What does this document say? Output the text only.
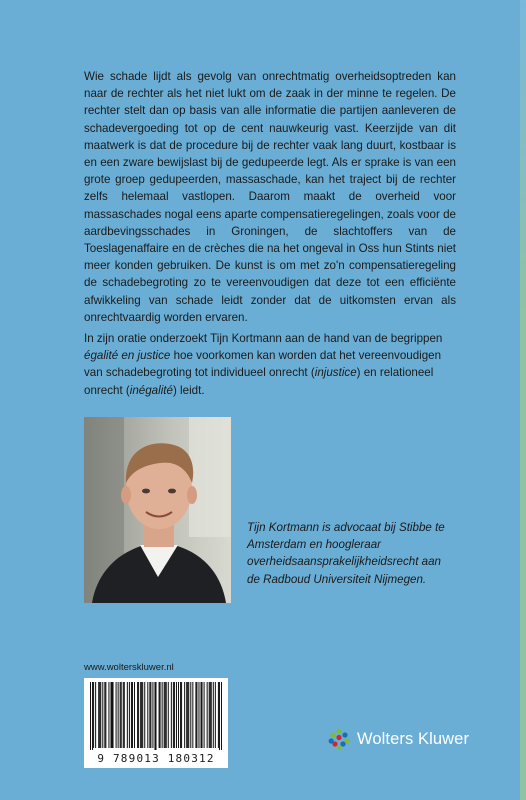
Wie schade lijdt als gevolg van onrechtmatig overheidsoptreden kan naar de rechter als het niet lukt om de zaak in der minne te regelen. De rechter stelt dan op basis van alle informatie die partijen aanleveren de schadevergoeding tot op de cent nauwkeurig vast. Keerzijde van dit maatwerk is dat de procedure bij de rechter vaak lang duurt, kostbaar is en een zware bewijslast bij de gedupeerde legt. Als er sprake is van een grote groep gedupeerden, massaschade, kan het traject bij de rechter zelfs helemaal vastlopen. Daarom maakt de overheid voor massaschades nogal eens aparte compensatieregelingen, zoals voor de aardbevingsschades in Groningen, de slachtoffers van de Toeslagenaffaire en de crèches die na het ongeval in Oss hun Stints niet meer konden gebruiken. De kunst is om met zo'n compensatieregeling de schadebegroting zo te vereenvoudigen dat deze tot een efficiënte afwikkeling van schade leidt zonder dat de uitkomsten ervan als onrechtvaardig worden ervaren.

In zijn oratie onderzoekt Tijn Kortmann aan de hand van de begrippen égalité en justice hoe voorkomen kan worden dat het vereenvoudigen van schadebegroting tot individueel onrecht (injustice) en relationeel onrecht (inégalité) leidt.

Tijn Kortmann is advocaat bij Stibbe te Amsterdam en hoogleraar overheidsaansprakelijkheidsrecht aan de Radboud Universiteit Nijmegen.

www.wolterskluwer.nl
9 789013 180312
Wolters Kluwer
